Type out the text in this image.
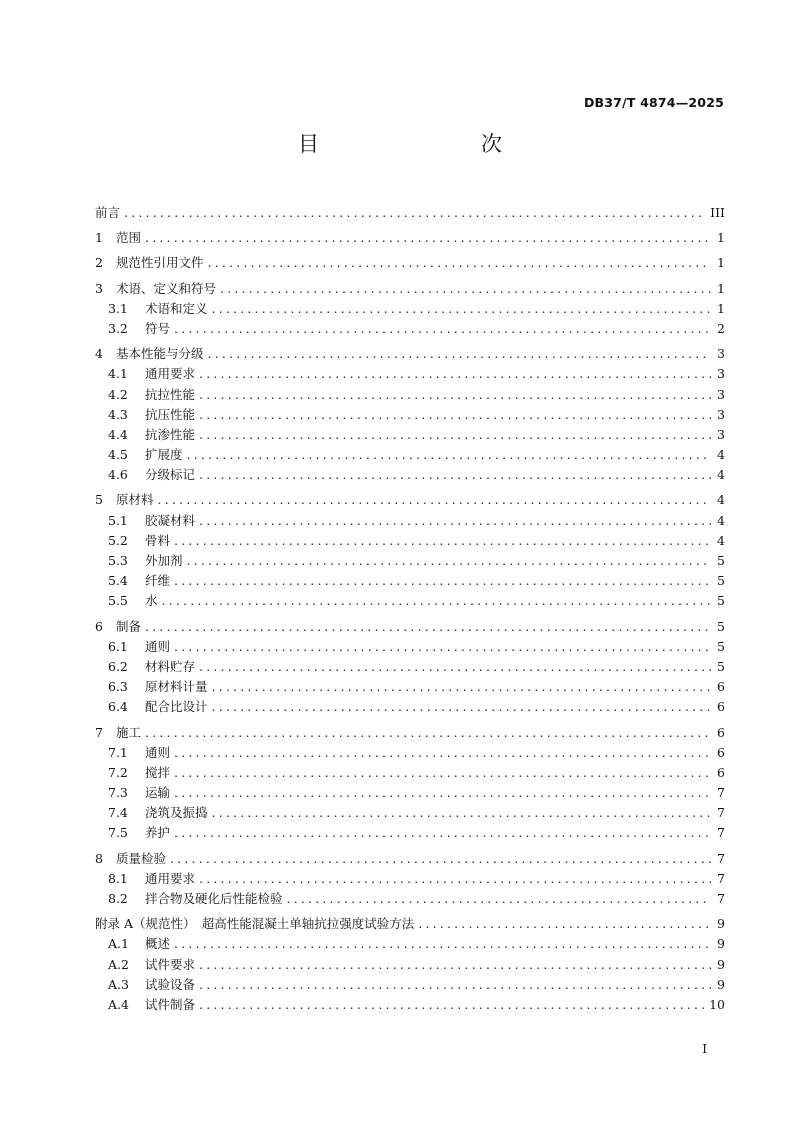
DB37/T 4874—2025
目　　次
前言 .....	III
1	范围 .....	1
2	规范性引用文件 .....	1
3	术语、定义和符号 .....	1
3.1	术语和定义 .....	1
3.2	符号 .....	2
4	基本性能与分级 .....	3
4.1	通用要求 .....	3
4.2	抗拉性能 .....	3
4.3	抗压性能 .....	3
4.4	抗渗性能 .....	3
4.5	扩展度 .....	4
4.6	分级标记 .....	4
5	原材料 .....	4
5.1	胶凝材料 .....	4
5.2	骨料 .....	4
5.3	外加剂 .....	5
5.4	纤维 .....	5
5.5	水 .....	5
6	制备 .....	5
6.1	通则 .....	5
6.2	材料贮存 .....	5
6.3	原材料计量 .....	6
6.4	配合比设计 .....	6
7	施工 .....	6
7.1	通则 .....	6
7.2	搅拌 .....	6
7.3	运输 .....	7
7.4	浇筑及振捣 .....	7
7.5	养护 .....	7
8	质量检验 .....	7
8.1	通用要求 .....	7
8.2	拌合物及硬化后性能检验 .....	7
附录 A（规范性）　超高性能混凝土单轴抗拉强度试验方法 .....	9
A.1	概述 .....	9
A.2	试件要求 .....	9
A.3	试验设备 .....	9
A.4	试件制备 .....	10
I
